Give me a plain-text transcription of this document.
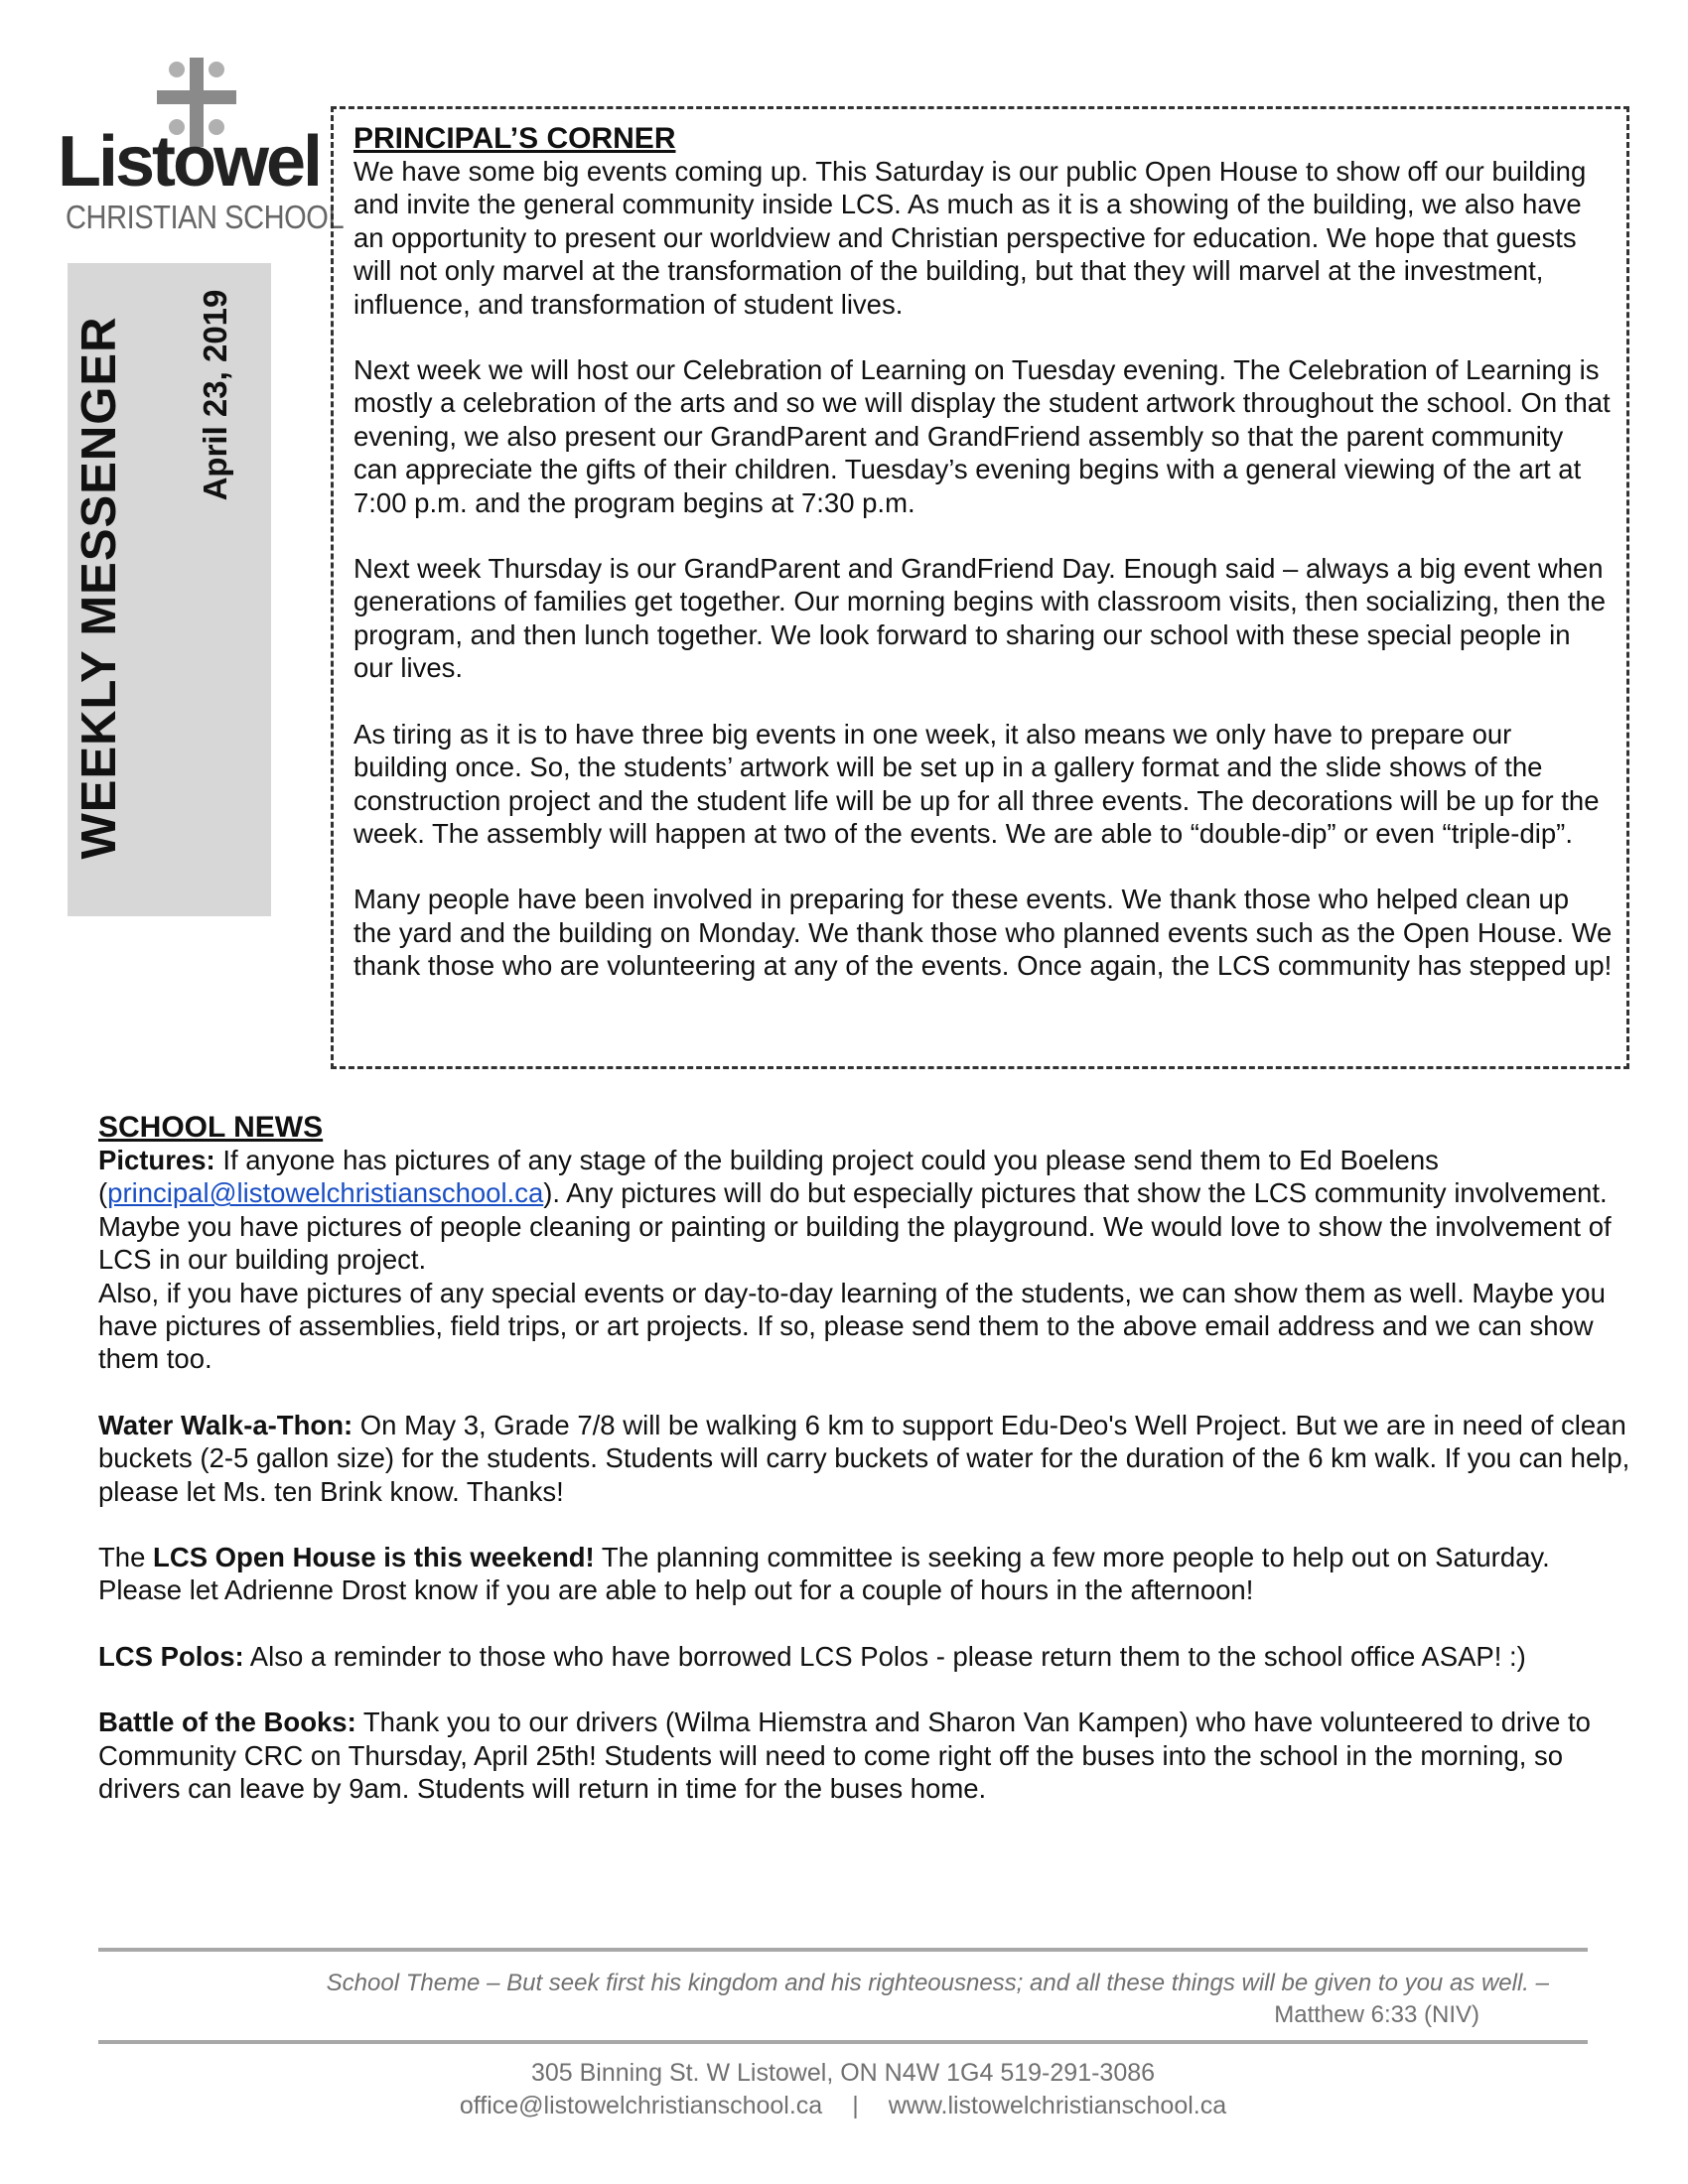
Listowel
CHRISTIAN SCHOOL
WEEKLY MESSENGER April 23, 2019
PRINCIPAL’S CORNER

We have some big events coming up. This Saturday is our public Open House to show off our building and invite the general community inside LCS. As much as it is a showing of the building, we also have an opportunity to present our worldview and Christian perspective for education. We hope that guests will not only marvel at the transformation of the building, but that they will marvel at the investment, influence, and transformation of student lives.

Next week we will host our Celebration of Learning on Tuesday evening. The Celebration of Learning is mostly a celebration of the arts and so we will display the student artwork throughout the school. On that evening, we also present our GrandParent and GrandFriend assembly so that the parent community can appreciate the gifts of their children. Tuesday’s evening begins with a general viewing of the art at 7:00 p.m. and the program begins at 7:30 p.m.

Next week Thursday is our GrandParent and GrandFriend Day. Enough said – always a big event when generations of families get together. Our morning begins with classroom visits, then socializing, then the program, and then lunch together. We look forward to sharing our school with these special people in our lives.

As tiring as it is to have three big events in one week, it also means we only have to prepare our building once. So, the students’ artwork will be set up in a gallery format and the slide shows of the construction project and the student life will be up for all three events. The decorations will be up for the week. The assembly will happen at two of the events. We are able to “double-dip” or even “triple-dip”.

Many people have been involved in preparing for these events. We thank those who helped clean up the yard and the building on Monday. We thank those who planned events such as the Open House. We thank those who are volunteering at any of the events. Once again, the LCS community has stepped up!

SCHOOL NEWS

Pictures: If anyone has pictures of any stage of the building project could you please send them to Ed Boelens (principal@listowelchristianschool.ca). Any pictures will do but especially pictures that show the LCS community involvement. Maybe you have pictures of people cleaning or painting or building the playground. We would love to show the involvement of LCS in our building project.

Also, if you have pictures of any special events or day-to-day learning of the students, we can show them as well. Maybe you have pictures of assemblies, field trips, or art projects. If so, please send them to the above email address and we can show them too.

Water Walk-a-Thon: On May 3, Grade 7/8 will be walking 6 km to support Edu-Deo's Well Project. But we are in need of clean buckets (2-5 gallon size) for the students. Students will carry buckets of water for the duration of the 6 km walk. If you can help, please let Ms. ten Brink know. Thanks!

The LCS Open House is this weekend! The planning committee is seeking a few more people to help out on Saturday. Please let Adrienne Drost know if you are able to help out for a couple of hours in the afternoon!

LCS Polos: Also a reminder to those who have borrowed LCS Polos - please return them to the school office ASAP! :)

Battle of the Books: Thank you to our drivers (Wilma Hiemstra and Sharon Van Kampen) who have volunteered to drive to Community CRC on Thursday, April 25th! Students will need to come right off the buses into the school in the morning, so drivers can leave by 9am. Students will return in time for the buses home.

School Theme – But seek first his kingdom and his righteousness; and all these things will be given to you as well. –
Matthew 6:33 (NIV)
305 Binning St. W Listowel, ON N4W 1G4 519-291-3086
office@listowelchristianschool.ca | www.listowelchristianschool.ca
